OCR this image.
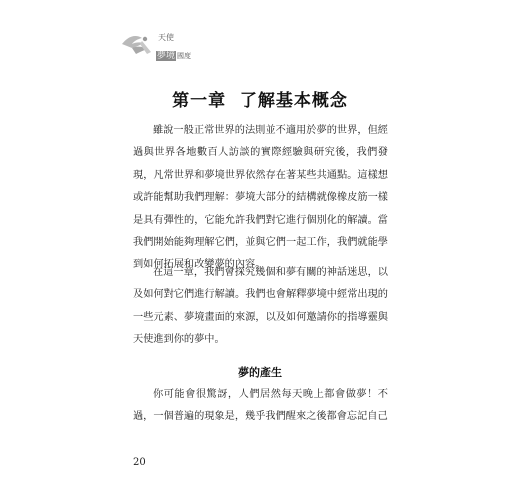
天使
夢境 國度
第一章  了解基本概念

雖說一般正常世界的法則並不適用於夢的世界，但經過與世界各地數百人訪談的實際經驗與研究後，我們發現，凡常世界和夢境世界依然存在著某些共通點。這樣想或許能幫助我們理解：夢境大部分的結構就像橡皮筋一樣是具有彈性的，它能允許我們對它進行個別化的解讀。當我們開始能夠理解它們，並與它們一起工作，我們就能學到如何拓展和改變夢的內容。

在這一章，我們會探究幾個和夢有關的神話迷思，以及如何對它們進行解讀。我們也會解釋夢境中經常出現的一些元素、夢境畫面的來源，以及如何邀請你的指導靈與天使進到你的夢中。

夢的產生

你可能會很驚訝，人們居然每天晚上都會做夢！不過，一個普遍的現象是，幾乎我們醒來之後都會忘記自己

20
